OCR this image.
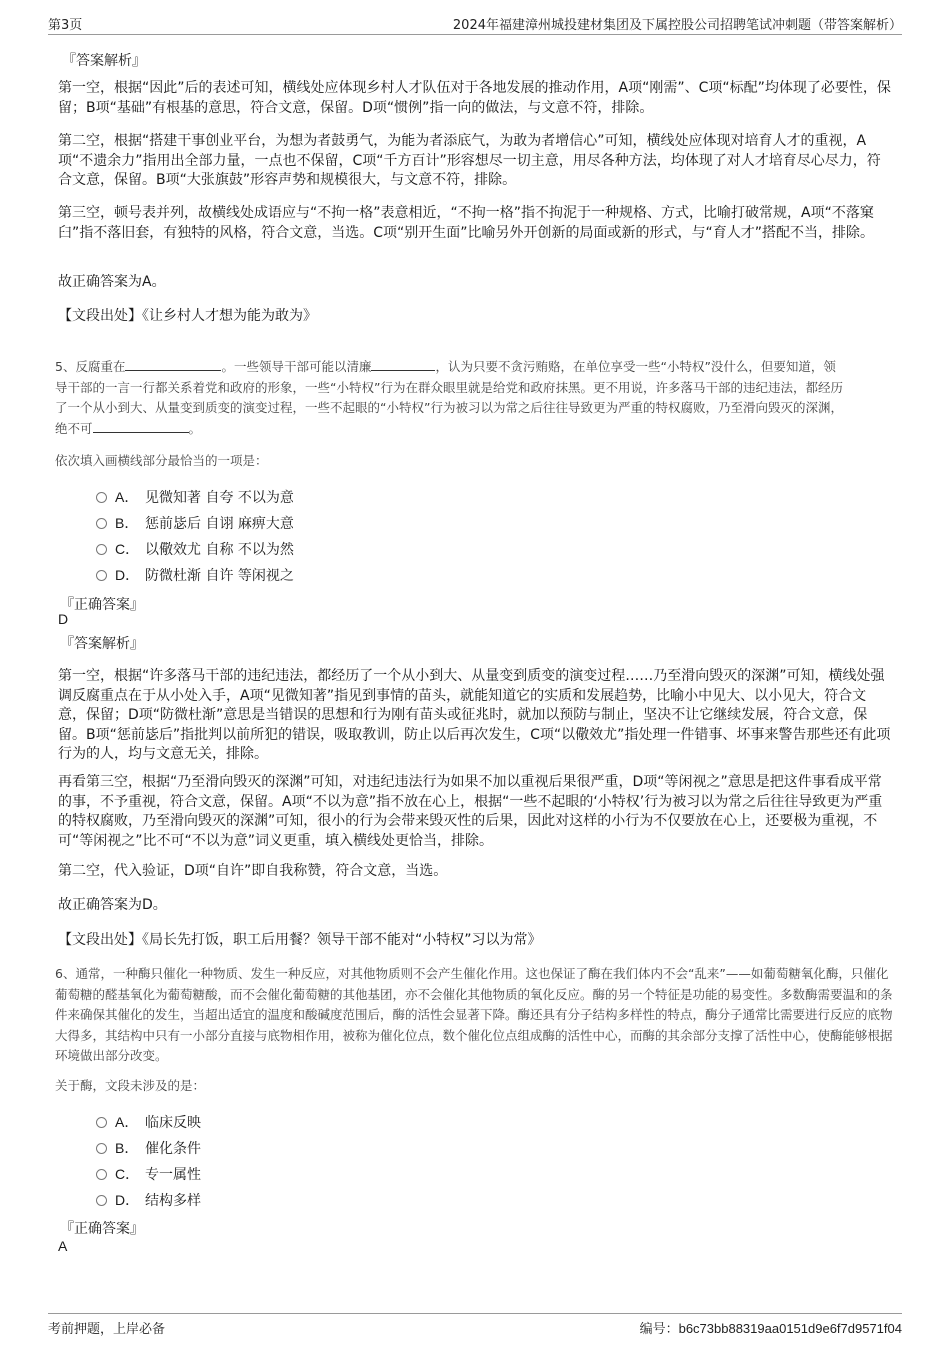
第3页	2024年福建漳州城投建材集团及下属控股公司招聘笔试冲刺题（带答案解析）
『答案解析』
第一空，根据“因此”后的表述可知，横线处应体现乡村人才队伍对于各地发展的推动作用，A项“刚需”、C项“标配”均体现了必要性，保留；B项“基础”有根基的意思，符合文意，保留。D项“惯例”指一向的做法，与文意不符，排除。
第二空，根据“搭建干事创业平台，为想为者鼓勇气，为能为者添底气，为敢为者增信心”可知，横线处应体现对培育人才的重视，A项“不遗余力”指用出全部力量，一点也不保留，C项“千方百计”形容想尽一切主意，用尽各种方法，均体现了对人才培育尽心尽力，符合文意，保留。B项“大张旗鼓”形容声势和规模很大，与文意不符，排除。
第三空，顿号表并列，故横线处成语应与“不拘一格”表意相近，“不拘一格”指不拘泥于一种规格、方式，比喻打破常规，A项“不落窠臼”指不落旧套，有独特的风格，符合文意，当选。C项“别开生面”比喻另外开创新的局面或新的形式，与“育人才”搭配不当，排除。
故正确答案为A。
【文段出处】《让乡村人才想为能为敢为》
5、反腐重在	。一些领导干部可能以清廉	，认为只要不贪污贿赂，在单位享受一些“小特权”没什么，但要知道，领
导干部的一言一行都关系着党和政府的形象，一些“小特权”行为在群众眼里就是给党和政府抹黑。更不用说，许多落马干部的违纪违法，都经历
了一个从小到大、从量变到质变的演变过程，一些不起眼的“小特权”行为被习以为常之后往往导致更为严重的特权腐败，乃至滑向毁灭的深渊，
绝不可	。
依次填入画横线部分最恰当的一项是：
A． 见微知著 自夸 不以为意
B． 惩前毖后 自诩 麻痹大意
C． 以儆效尤 自称 不以为然
D． 防微杜渐 自许 等闲视之
『正确答案』
D
『答案解析』
第一空，根据“许多落马干部的违纪违法，都经历了一个从小到大、从量变到质变的演变过程……乃至滑向毁灭的深渊”可知，横线处强调反腐重点在于从小处入手，A项“见微知著”指见到事情的苗头，就能知道它的实质和发展趋势，比喻小中见大、以小见大，符合文意，保留；D项“防微杜渐”意思是当错误的思想和行为刚有苗头或征兆时，就加以预防与制止，坚决不让它继续发展，符合文意，保留。B项“惩前毖后”指批判以前所犯的错误，吸取教训，防止以后再次发生，C项“以儆效尤”指处理一件错事、坏事来警告那些还有此项行为的人，均与文意无关，排除。
再看第三空，根据“乃至滑向毁灭的深渊”可知，对违纪违法行为如果不加以重视后果很严重，D项“等闲视之”意思是把这件事看成平常的事，不予重视，符合文意，保留。A项“不以为意”指不放在心上，根据“一些不起眼的‘小特权’行为被习以为常之后往往导致更为严重的特权腐败，乃至滑向毁灭的深渊”可知，很小的行为会带来毁灭性的后果，因此对这样的小行为不仅要放在心上，还要极为重视，不可“等闲视之”比不可“不以为意”词义更重，填入横线处更恰当，排除。
第二空，代入验证，D项“自许”即自我称赞，符合文意，当选。
故正确答案为D。
【文段出处】《局长先打饭，职工后用餐？领导干部不能对“小特权”习以为常》
6、通常，一种酶只催化一种物质、发生一种反应，对其他物质则不会产生催化作用。这也保证了酶在我们体内不会“乱来”——如葡萄糖氧化酶，只催化葡萄糖的醛基氧化为葡萄糖酸，而不会催化葡萄糖的其他基团，亦不会催化其他物质的氧化反应。酶的另一个特征是功能的易变性。多数酶需要温和的条件来确保其催化的发生，当超出适宜的温度和酸碱度范围后，酶的活性会显著下降。酶还具有分子结构多样性的特点，酶分子通常比需要进行反应的底物大得多，其结构中只有一小部分直接与底物相作用，被称为催化位点，数个催化位点组成酶的活性中心，而酶的其余部分支撑了活性中心，使酶能够根据环境做出部分改变。
关于酶，文段未涉及的是：
A． 临床反映
B． 催化条件
C． 专一属性
D． 结构多样
『正确答案』
A
考前押题，上岸必备	编号：b6c73bb88319aa0151d9e6f7d9571f04
